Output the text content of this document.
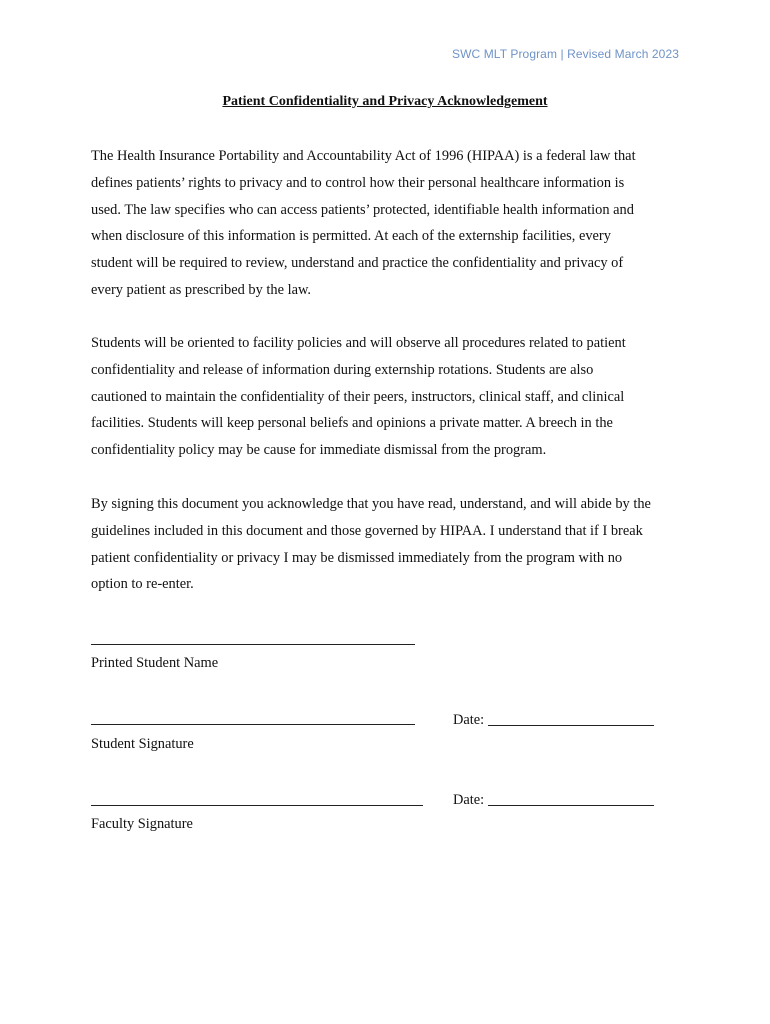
SWC MLT Program | Revised March 2023
Patient Confidentiality and Privacy Acknowledgement

The Health Insurance Portability and Accountability Act of 1996 (HIPAA) is a federal law that
defines patients’ rights to privacy and to control how their personal healthcare information is
used. The law specifies who can access patients’ protected, identifiable health information and
when disclosure of this information is permitted. At each of the externship facilities, every
student will be required to review, understand and practice the confidentiality and privacy of
every patient as prescribed by the law.

Students will be oriented to facility policies and will observe all procedures related to patient
confidentiality and release of information during externship rotations. Students are also
cautioned to maintain the confidentiality of their peers, instructors, clinical staff, and clinical
facilities. Students will keep personal beliefs and opinions a private matter. A breech in the
confidentiality policy may be cause for immediate dismissal from the program.

By signing this document you acknowledge that you have read, understand, and will abide by the
guidelines included in this document and those governed by HIPAA. I understand that if I break
patient confidentiality or privacy I may be dismissed immediately from the program with no
option to re-enter.

Printed Student Name
Date:
Student Signature
Date:
Faculty Signature
